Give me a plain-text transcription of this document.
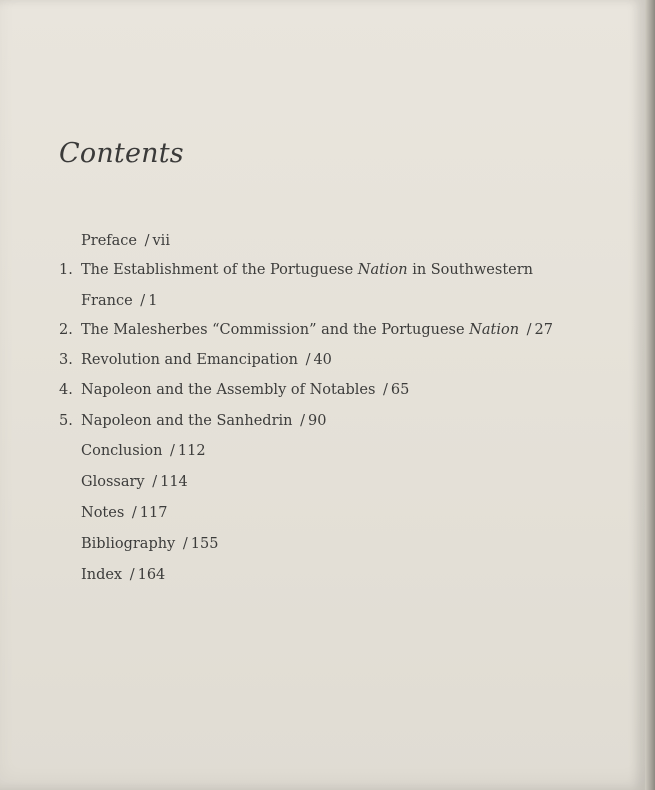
Contents
Preface / vii
1. The Establishment of the Portuguese Nation in Southwestern
France / 1
2. The Malesherbes “Commission” and the Portuguese Nation / 27
3. Revolution and Emancipation / 40
4. Napoleon and the Assembly of Notables / 65
5. Napoleon and the Sanhedrin / 90
Conclusion / 112
Glossary / 114
Notes / 117
Bibliography / 155
Index / 164
